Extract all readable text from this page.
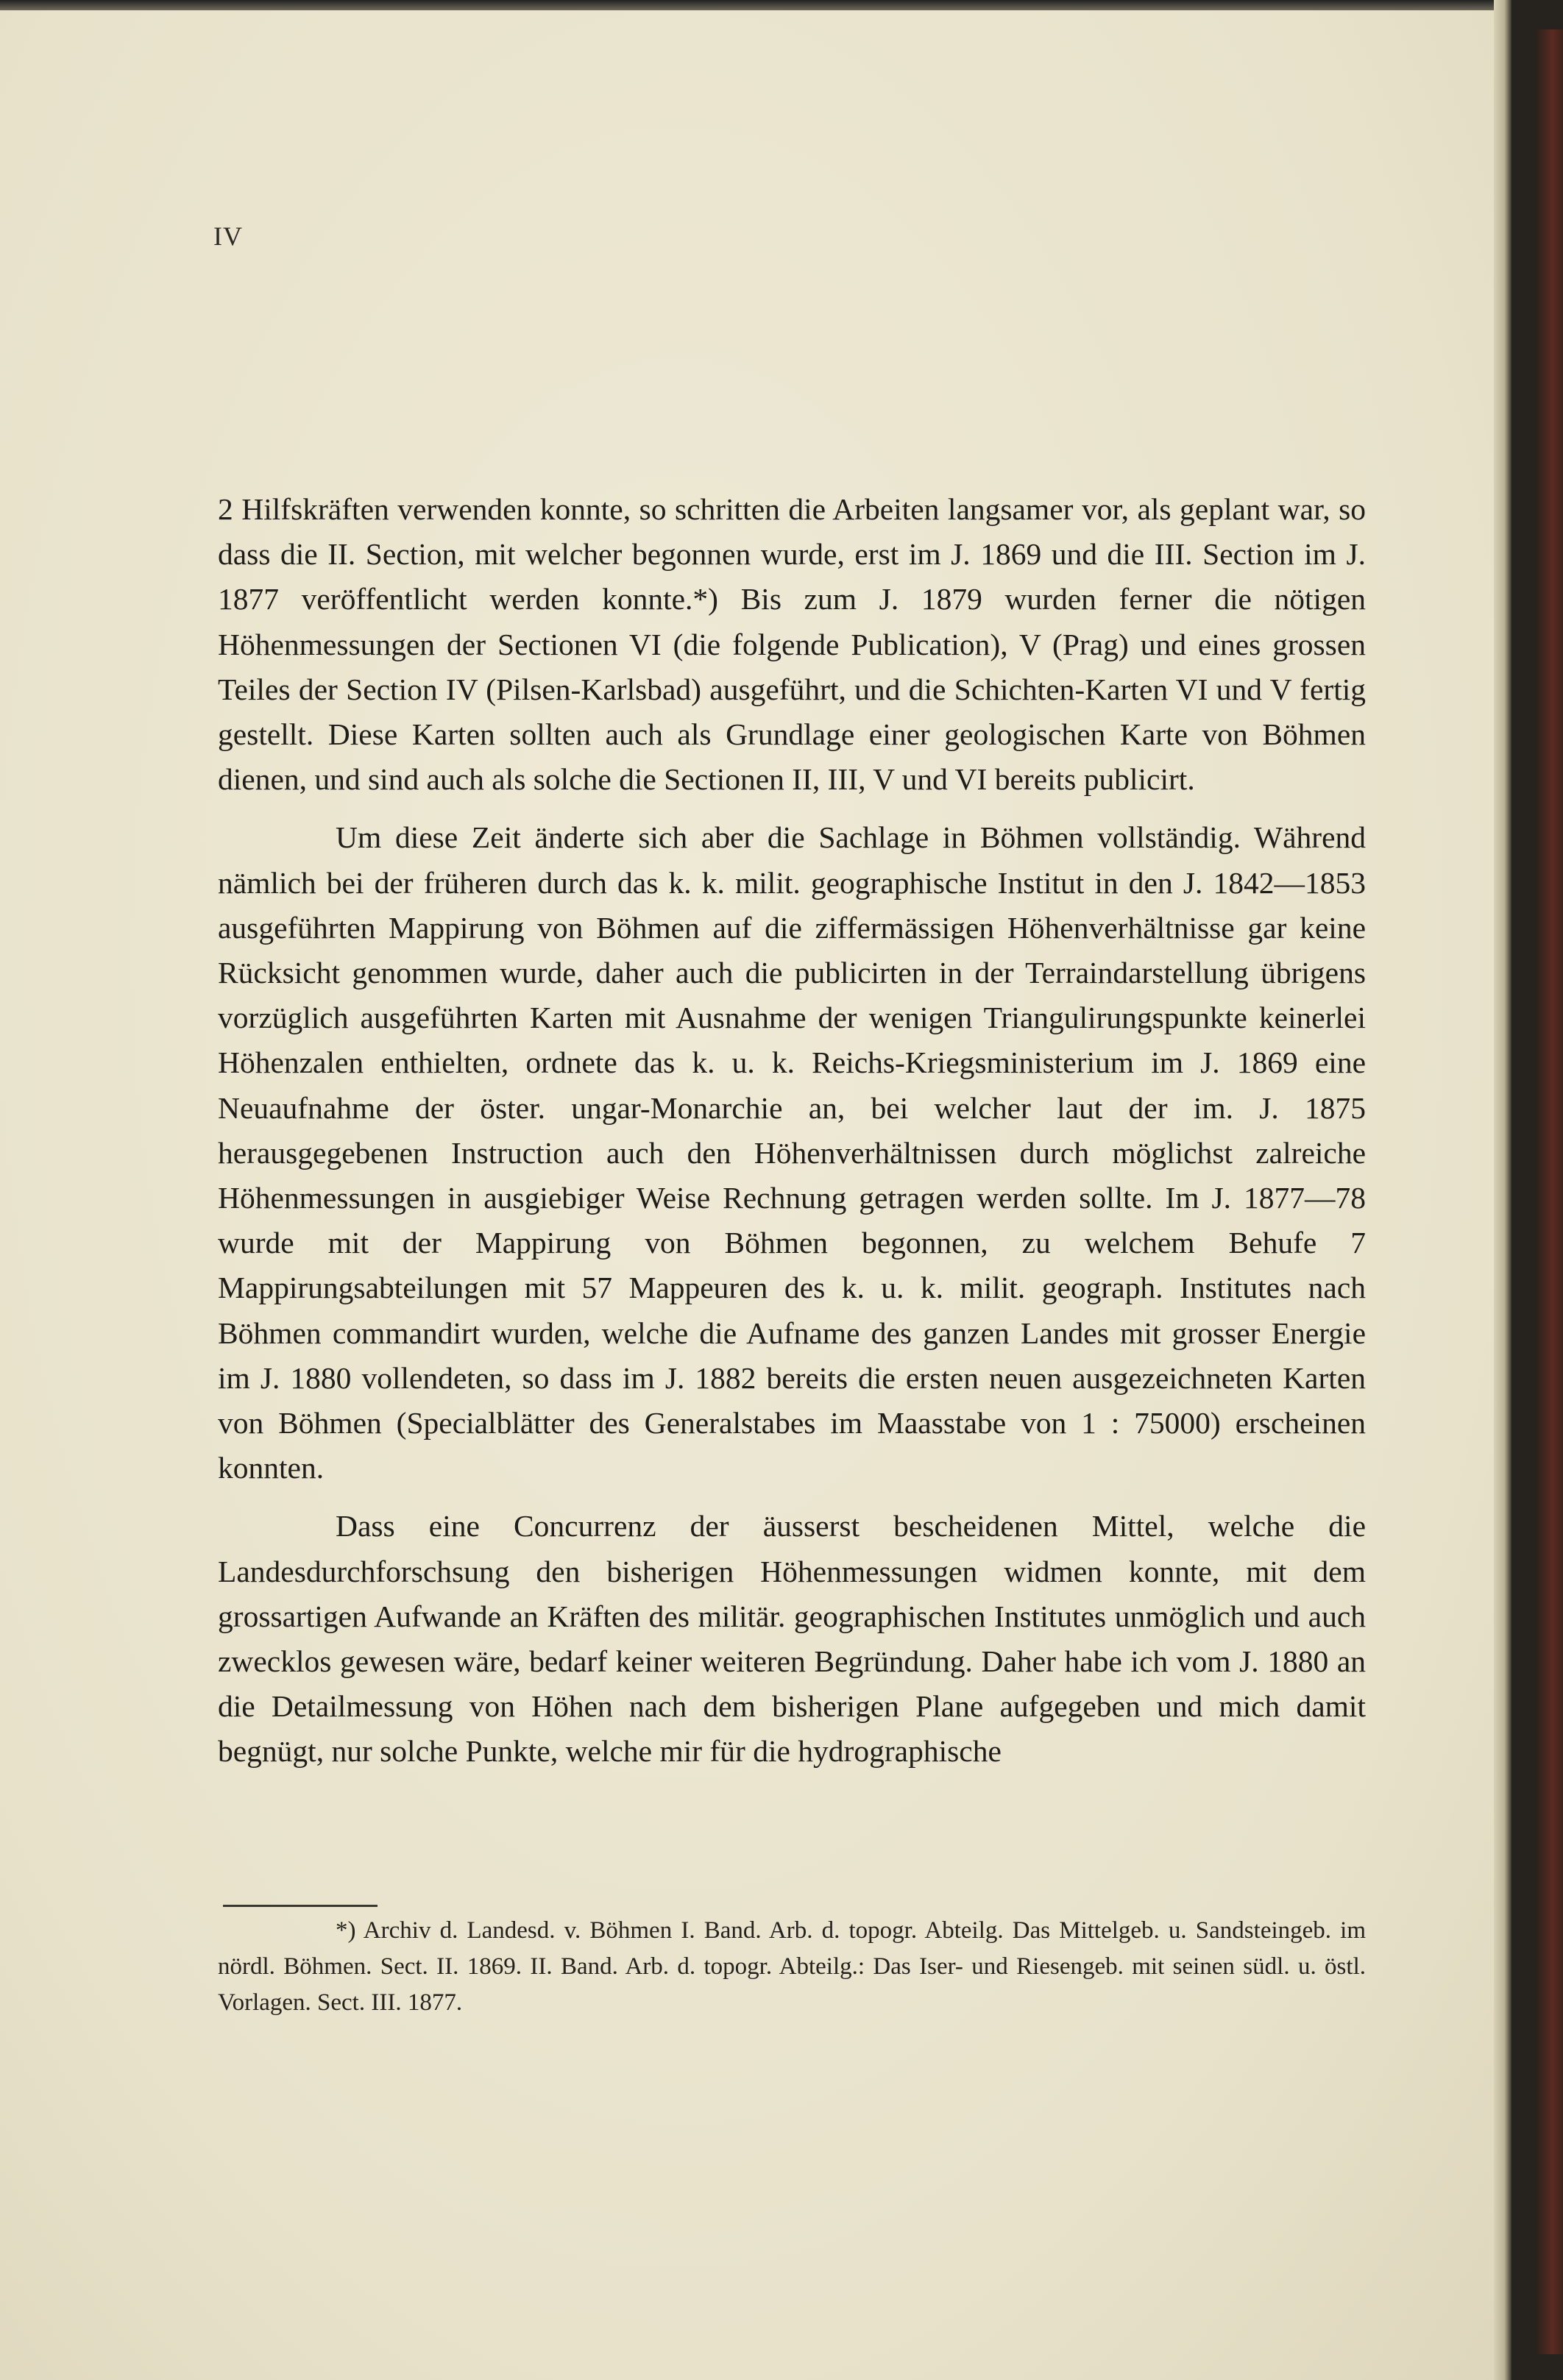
IV

2 Hilfskräften verwenden konnte, so schritten die Arbeiten langsamer vor, als geplant war, so dass die II. Section, mit welcher begonnen wurde, erst im J. 1869 und die III. Section im J. 1877 veröffentlicht werden konnte.*) Bis zum J. 1879 wurden ferner die nötigen Höhenmessungen der Sectionen VI (die folgende Publication), V (Prag) und eines grossen Teiles der Section IV (Pilsen-Karlsbad) ausgeführt, und die Schichten-Karten VI und V fertig gestellt. Diese Karten sollten auch als Grundlage einer geologischen Karte von Böhmen dienen, und sind auch als solche die Sectionen II, III, V und VI bereits publicirt.

Um diese Zeit änderte sich aber die Sachlage in Böhmen vollständig. Während nämlich bei der früheren durch das k. k. milit. geographische Institut in den J. 1842—1853 ausgeführten Mappirung von Böhmen auf die ziffermässigen Höhenverhältnisse gar keine Rücksicht genommen wurde, daher auch die publicirten in der Terraindarstellung übrigens vorzüglich ausgeführten Karten mit Ausnahme der wenigen Triangulirungspunkte keinerlei Höhenzalen enthielten, ordnete das k. u. k. Reichs-Kriegsministerium im J. 1869 eine Neuaufnahme der öster. ungar-Monarchie an, bei welcher laut der im. J. 1875 herausgegebenen Instruction auch den Höhenverhältnissen durch möglichst zalreiche Höhenmessungen in ausgiebiger Weise Rechnung getragen werden sollte. Im J. 1877—78 wurde mit der Mappirung von Böhmen begonnen, zu welchem Behufe 7 Mappirungsabteilungen mit 57 Mappeuren des k. u. k. milit. geograph. Institutes nach Böhmen commandirt wurden, welche die Aufname des ganzen Landes mit grosser Energie im J. 1880 vollendeten, so dass im J. 1882 bereits die ersten neuen ausgezeichneten Karten von Böhmen (Specialblätter des Generalstabes im Maasstabe von 1 : 75000) erscheinen konnten.

Dass eine Concurrenz der äusserst bescheidenen Mittel, welche die Landesdurchforschsung den bisherigen Höhenmessungen widmen konnte, mit dem grossartigen Aufwande an Kräften des militär. geographischen Institutes unmöglich und auch zwecklos gewesen wäre, bedarf keiner weiteren Begründung. Daher habe ich vom J. 1880 an die Detailmessung von Höhen nach dem bisherigen Plane aufgegeben und mich damit begnügt, nur solche Punkte, welche mir für die hydrographische

*) Archiv d. Landesd. v. Böhmen I. Band. Arb. d. topogr. Abteilg. Das Mittelgeb. u. Sandsteingeb. im nördl. Böhmen. Sect. II. 1869. II. Band. Arb. d. topogr. Abteilg.: Das Iser- und Riesengeb. mit seinen südl. u. östl. Vorlagen. Sect. III. 1877.
